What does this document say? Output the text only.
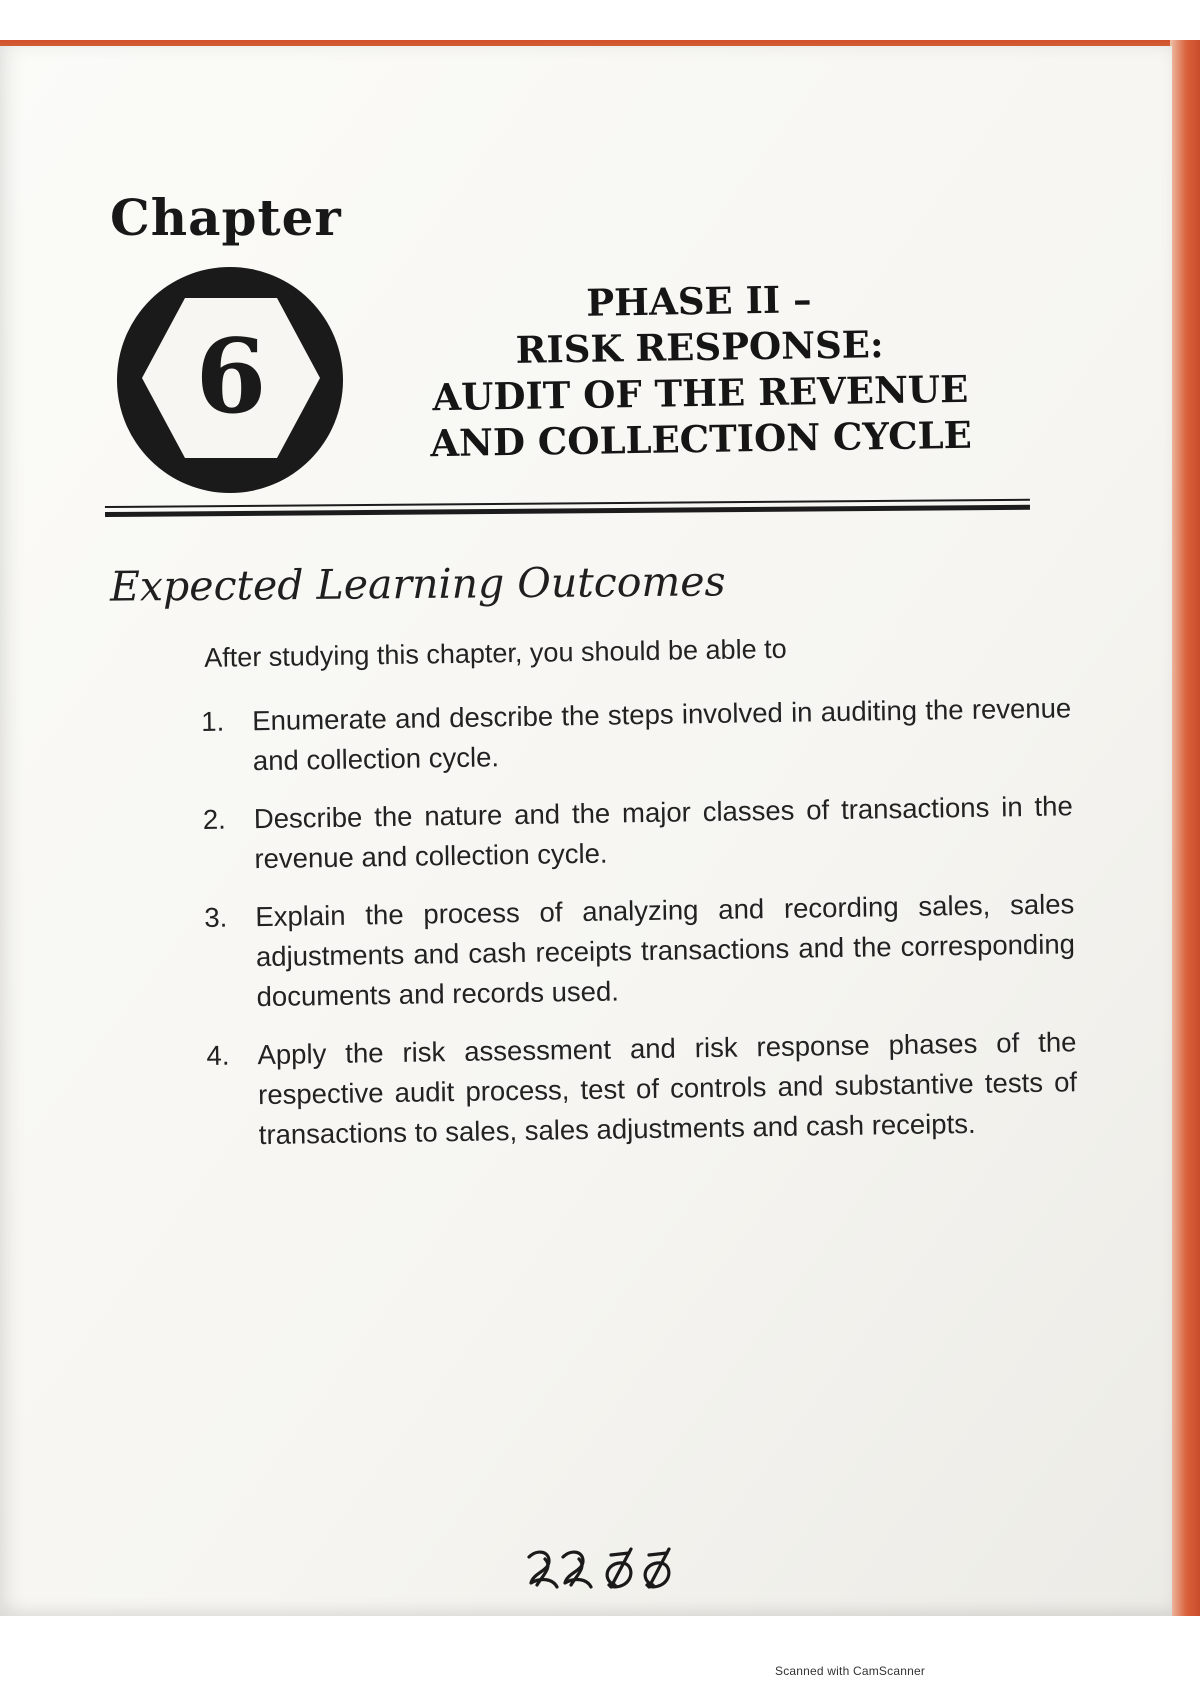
Chapter
6
PHASE II –
RISK RESPONSE:
AUDIT OF THE REVENUE
AND COLLECTION CYCLE
Expected Learning Outcomes

After studying this chapter, you should be able to

1.	Enumerate and describe the steps involved in auditing the revenue and collection cycle.
2.	Describe the nature and the major classes of transactions in the revenue and collection cycle.
3.	Explain the process of analyzing and recording sales, sales adjustments and cash receipts transactions and the corresponding documents and records used.
4.	Apply the risk assessment and risk response phases of the respective audit process, test of controls and substantive tests of transactions to sales, sales adjustments and cash receipts.
Scanned with CamScanner
